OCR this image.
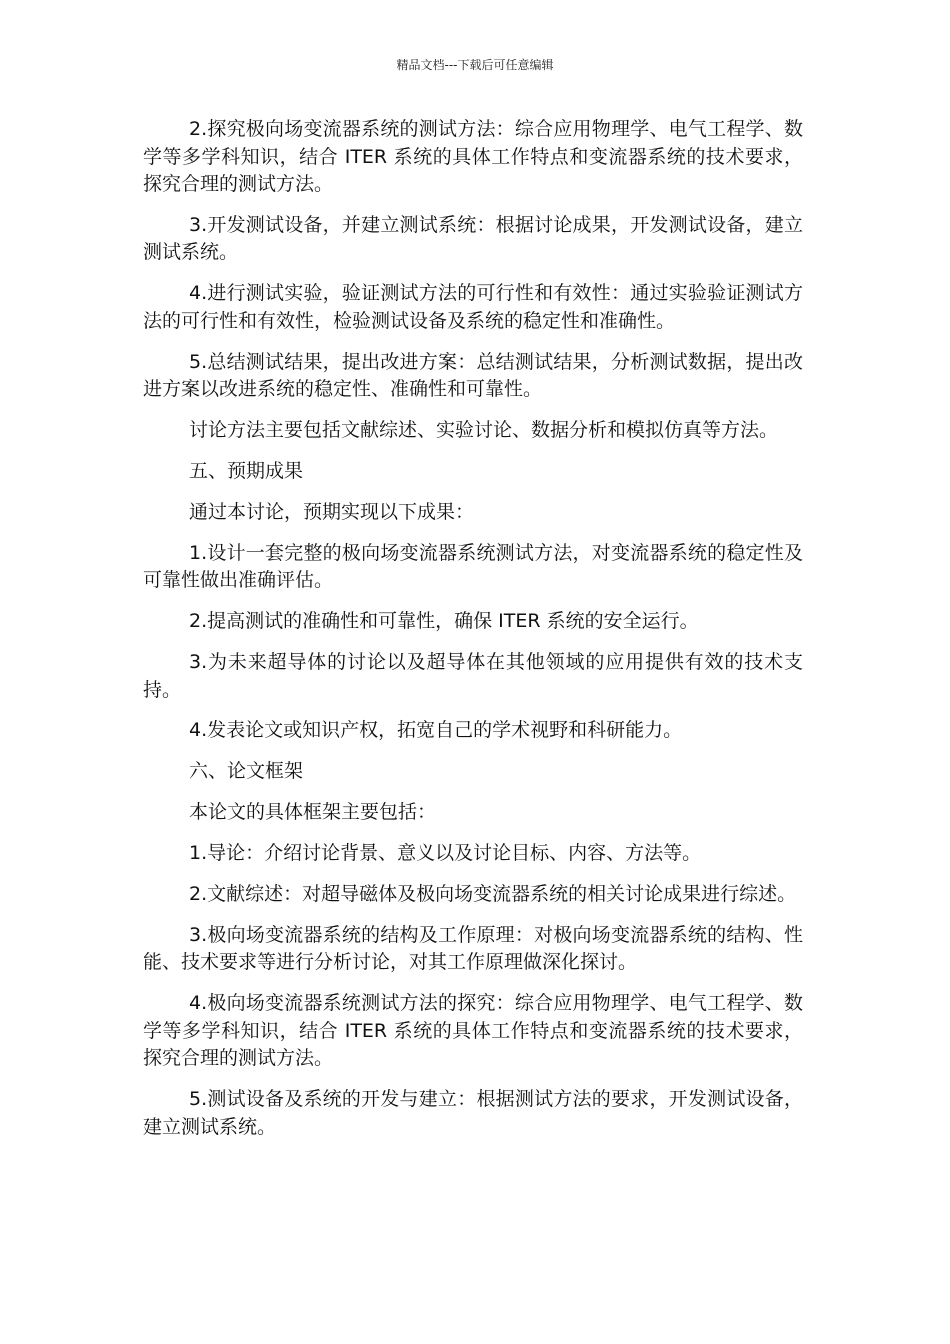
精品文档---下载后可任意编辑

2.探究极向场变流器系统的测试方法：综合应用物理学、电气工程学、数学等多学科知识，结合 ITER 系统的具体工作特点和变流器系统的技术要求，探究合理的测试方法。

3.开发测试设备，并建立测试系统：根据讨论成果，开发测试设备，建立测试系统。

4.进行测试实验，验证测试方法的可行性和有效性：通过实验验证测试方法的可行性和有效性，检验测试设备及系统的稳定性和准确性。

5.总结测试结果，提出改进方案：总结测试结果，分析测试数据，提出改进方案以改进系统的稳定性、准确性和可靠性。

讨论方法主要包括文献综述、实验讨论、数据分析和模拟仿真等方法。

五、预期成果

通过本讨论，预期实现以下成果：

1.设计一套完整的极向场变流器系统测试方法，对变流器系统的稳定性及可靠性做出准确评估。

2.提高测试的准确性和可靠性，确保 ITER 系统的安全运行。

3.为未来超导体的讨论以及超导体在其他领域的应用提供有效的技术支持。

4.发表论文或知识产权，拓宽自己的学术视野和科研能力。

六、论文框架

本论文的具体框架主要包括：

1.导论：介绍讨论背景、意义以及讨论目标、内容、方法等。

2.文献综述：对超导磁体及极向场变流器系统的相关讨论成果进行综述。

3.极向场变流器系统的结构及工作原理：对极向场变流器系统的结构、性能、技术要求等进行分析讨论，对其工作原理做深化探讨。

4.极向场变流器系统测试方法的探究：综合应用物理学、电气工程学、数学等多学科知识，结合 ITER 系统的具体工作特点和变流器系统的技术要求，探究合理的测试方法。

5.测试设备及系统的开发与建立：根据测试方法的要求，开发测试设备，建立测试系统。
